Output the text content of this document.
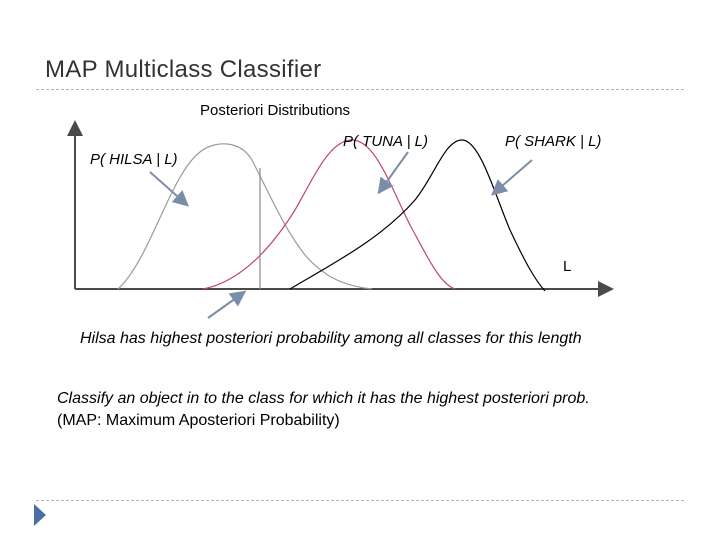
MAP Multiclass Classifier
Posteriori Distributions
P( HILSA | L)
P( TUNA | L)	P( SHARK | L)
L
Hilsa has highest posteriori probability among all classes for this length
Classify an object in to the class for which it has the highest posteriori prob.
(MAP: Maximum Aposteriori Probability)
